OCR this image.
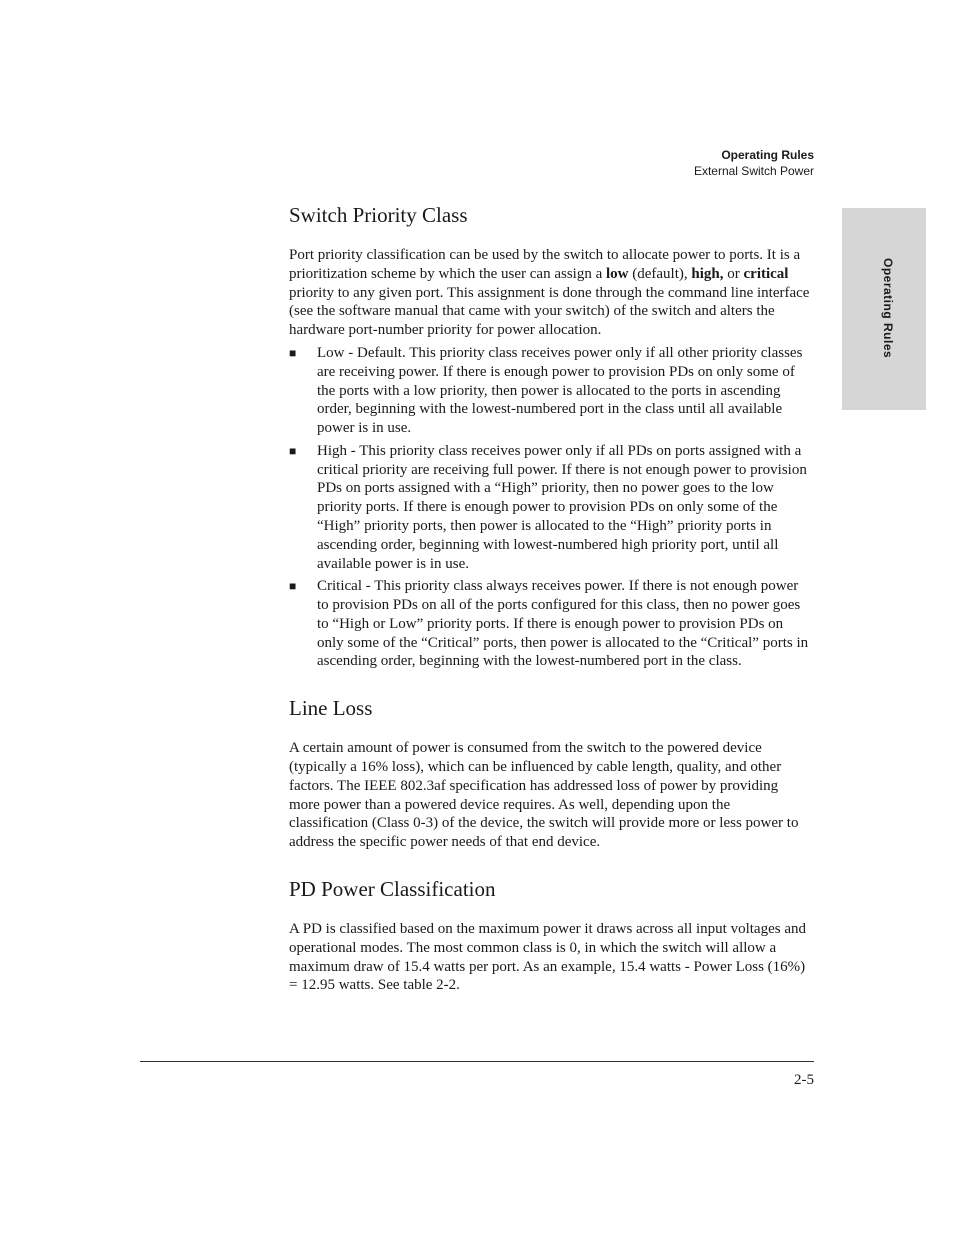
Operating Rules
External Switch Power
Operating Rules
Switch Priority Class

Port priority classification can be used by the switch to allocate power to ports. It is a prioritization scheme by which the user can assign a low (default), high, or critical priority to any given port. This assignment is done through the command line interface (see the software manual that came with your switch) of the switch and alters the hardware port-number priority for power allocation.

■ Low - Default. This priority class receives power only if all other priority classes are receiving power. If there is enough power to provision PDs on only some of the ports with a low priority, then power is allocated to the ports in ascending order, beginning with the lowest-numbered port in the class until all available power is in use.
■ High - This priority class receives power only if all PDs on ports assigned with a critical priority are receiving full power. If there is not enough power to provision PDs on ports assigned with a “High” priority, then no power goes to the low priority ports. If there is enough power to provision PDs on only some of the “High” priority ports, then power is allocated to the “High” priority ports in ascending order, beginning with lowest-numbered high priority port, until all available power is in use.
■ Critical - This priority class always receives power. If there is not enough power to provision PDs on all of the ports configured for this class, then no power goes to “High or Low” priority ports. If there is enough power to provision PDs on only some of the “Critical” ports, then power is allocated to the “Critical” ports in ascending order, beginning with the lowest-numbered port in the class.
Line Loss

A certain amount of power is consumed from the switch to the powered device (typically a 16% loss), which can be influenced by cable length, quality, and other factors. The IEEE 802.3af specification has addressed loss of power by providing more power than a powered device requires. As well, depending upon the classification (Class 0-3) of the device, the switch will provide more or less power to address the specific power needs of that end device.

PD Power Classification

A PD is classified based on the maximum power it draws across all input voltages and operational modes. The most common class is 0, in which the switch will allow a maximum draw of 15.4 watts per port. As an example, 15.4 watts - Power Loss (16%) = 12.95 watts. See table 2-2.

2-5
